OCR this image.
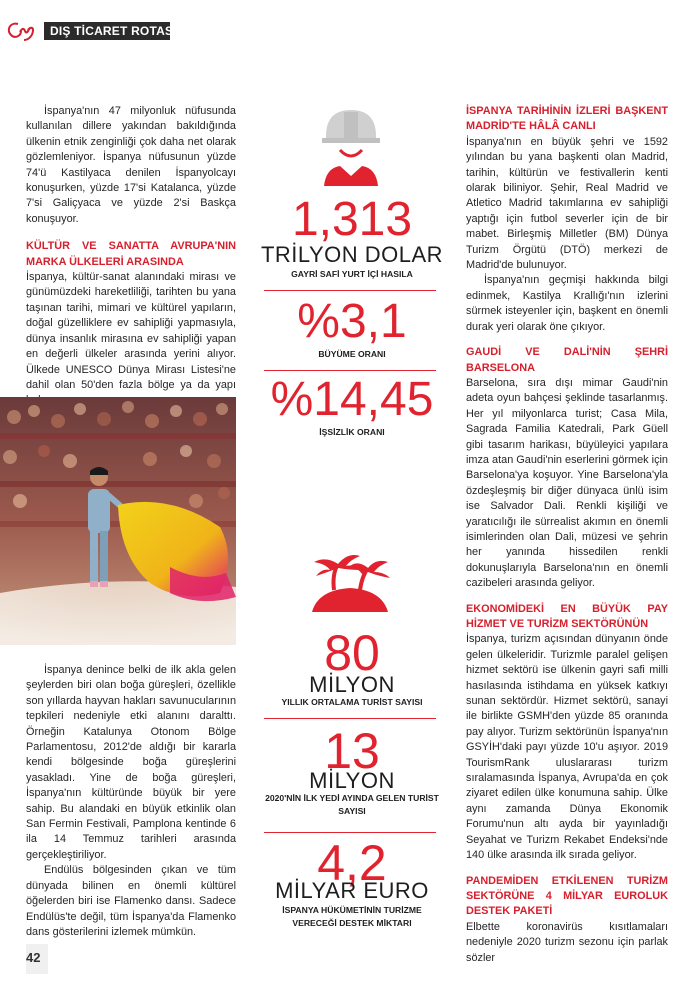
DIŞ TİCARET ROTASI

İspanya'nın 47 milyonluk nüfusunda kullanılan dillere yakından bakıldığında ülkenin etnik zenginliği çok daha net olarak gözlemleniyor. İspanya nüfusunun yüzde 74'ü Kastilyaca denilen İspanyolcayı konuşurken, yüzde 17'si Katalanca, yüzde 7'si Galiçyaca ve yüzde 2'si Baskça konuşuyor.

KÜLTÜR VE SANATTA AVRUPA'NIN MARKA ÜLKELERİ ARASINDA
İspanya, kültür-sanat alanındaki mirası ve günümüzdeki hareketliliği, tarihten bu yana taşınan tarihi, mimari ve kültürel yapıların, doğal güzelliklere ev sahipliği yapmasıyla, dünya insanlık mirasına ev sahipliği yapan en değerli ülkeler arasında yerini alıyor. Ülkede UNESCO Dünya Mirası Listesi'ne dahil olan 50'den fazla bölge ya da yapı

İspanya denince belki de ilk akla gelen şeylerden biri olan boğa güreşleri, özellikle son yıllarda hayvan hakları savunucularının tepkileri nedeniyle etki alanını daralttı. Örneğin Katalunya Otonom Bölge Parlamentosu, 2012'de aldığı bir kararla kendi bölgesinde boğa güreşlerini yasakladı. Yine de boğa güreşleri, İspanya'nın kültüründe büyük bir yere sahip. Bu alandaki en büyük etkinlik olan San Fermin Festivali, Pamplona kentinde 6 ila 14 Temmuz tarihleri arasında gerçekleştiriliyor.

Endülüs bölgesinden çıkan ve tüm dünyada bilinen en önemli kültürel öğelerden biri ise Flamenko dansı. Sadece Endülüs'te değil, tüm İspanya'da Flamenko dans gösterilerini izlemek mümkün.

1,313
TRİLYON DOLAR
GAYRİ SAFİ YURT İÇİ HASILA
%3,1
BÜYÜME ORANI
%14,45
İŞSİZLİK ORANI
80
MİLYON
YILLIK ORTALAMA TURİST SAYISI
13
MİLYON
2020'NİN İLK YEDİ AYINDA GELEN TURİST SAYISI
4,2
MİLYAR EURO
İSPANYA HÜKÜMETİNİN TURİZME VERECEĞİ DESTEK MİKTARI
İSPANYA TARİHİNİN İZLERİ BAŞKENT MADRİD'TE HÂLÂ CANLI
İspanya'nın en büyük şehri ve 1592 yılından bu yana başkenti olan Madrid, tarihin, kültürün ve festivallerin kenti olarak biliniyor. Şehir, Real Madrid ve Atletico Madrid takımlarına ev sahipliği yaptığı için futbol severler için de bir mabet. Birleşmiş Milletler (BM) Dünya Turizm Örgütü (DTÖ) merkezi de Madrid'de bulunuyor.

İspanya'nın geçmişi hakkında bilgi edinmek, Kastilya Krallığı'nın izlerini sürmek isteyenler için, başkent en önemli durak yeri olarak öne çıkıyor.

GAUDİ VE DALİ'NİN ŞEHRİ BARSELONA
Barselona, sıra dışı mimar Gaudi'nin adeta oyun bahçesi şeklinde tasarlanmış. Her yıl milyonlarca turist; Casa Mila, Sagrada Familia Katedrali, Park Güell gibi tasarım harikası, büyüleyici yapılara imza atan Gaudi'nin eserlerini görmek için Barselona'ya koşuyor. Yine Barselona'yla özdeşleşmiş bir diğer dünyaca ünlü isim ise Salvador Dali. Renkli kişiliği ve yaratıcılığı ile sürrealist akımın en önemli isimlerinden olan Dali, müzesi ve şehrin her yanında hissedilen renkli dokunuşlarıyla Barselona'nın en önemli cazibeleri arasında geliyor.
EKONOMİDEKİ EN BÜYÜK PAY HİZMET VE TURİZM SEKTÖRÜNÜN
İspanya, turizm açısından dünyanın önde gelen ülkeleridir. Turizmle paralel gelişen hizmet sektörü ise ülkenin gayri safi milli hasılasında istihdama en yüksek katkıyı sunan sektördür. Hizmet sektörü, sanayi ile birlikte GSMH'den yüzde 85 oranında pay alıyor. Turizm sektörünün İspanya'nın GSYİH'daki payı yüzde 10'u aşıyor. 2019 TourismRank uluslararası turizm sıralamasında İspanya, Avrupa'da en çok ziyaret edilen ülke konumuna sahip. Ülke aynı zamanda Dünya Ekonomik Forumu'nun altı ayda bir yayınladığı Seyahat ve Turizm Rekabet Endeksi'nde 140 ülke arasında ilk sırada geliyor.
PANDEMİDEN ETKİLENEN TURİZM SEKTÖRÜNE 4 MİLYAR EUROLUK DESTEK PAKETİ
Elbette koronavirüs kısıtlamaları nedeniyle 2020 turizm sezonu için parlak sözler
42
